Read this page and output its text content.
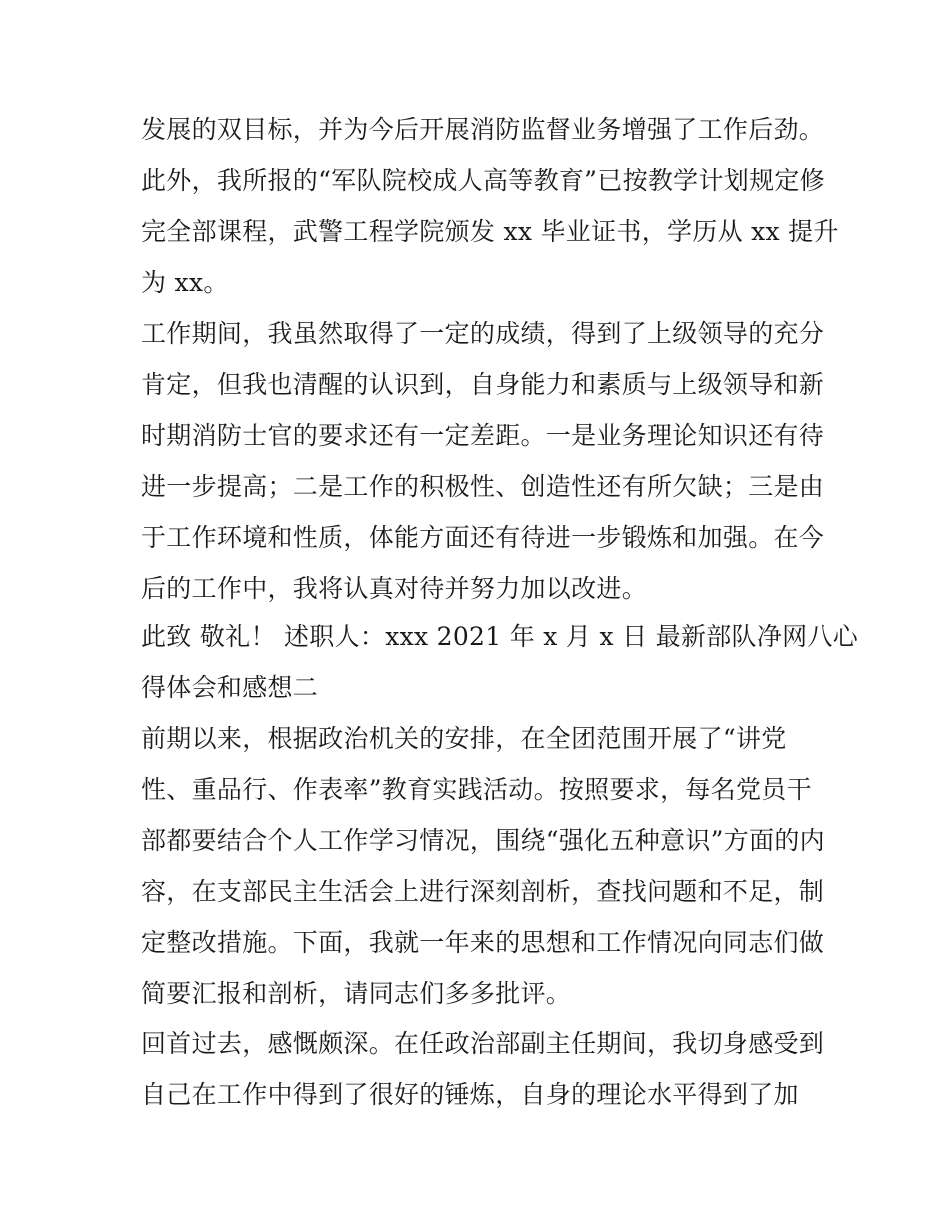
发展的双目标，并为今后开展消防监督业务增强了工作后劲。
此外，我所报的“军队院校成人高等教育”已按教学计划规定修
完全部课程，武警工程学院颁发 xx 毕业证书，学历从 xx 提升
为 xx。
工作期间，我虽然取得了一定的成绩，得到了上级领导的充分
肯定，但我也清醒的认识到，自身能力和素质与上级领导和新
时期消防士官的要求还有一定差距。一是业务理论知识还有待
进一步提高；二是工作的积极性、创造性还有所欠缺；三是由
于工作环境和性质，体能方面还有待进一步锻炼和加强。在今
后的工作中，我将认真对待并努力加以改进。
此致 敬礼！ 述职人：xxx 2021 年 x 月 x 日 最新部队净网八心
得体会和感想二
前期以来，根据政治机关的安排，在全团范围开展了“讲党
性、重品行、作表率”教育实践活动。按照要求，每名党员干
部都要结合个人工作学习情况，围绕“强化五种意识”方面的内
容，在支部民主生活会上进行深刻剖析，查找问题和不足，制
定整改措施。下面，我就一年来的思想和工作情况向同志们做
简要汇报和剖析，请同志们多多批评。
回首过去，感慨颇深。在任政治部副主任期间，我切身感受到
自己在工作中得到了很好的锤炼，自身的理论水平得到了加
